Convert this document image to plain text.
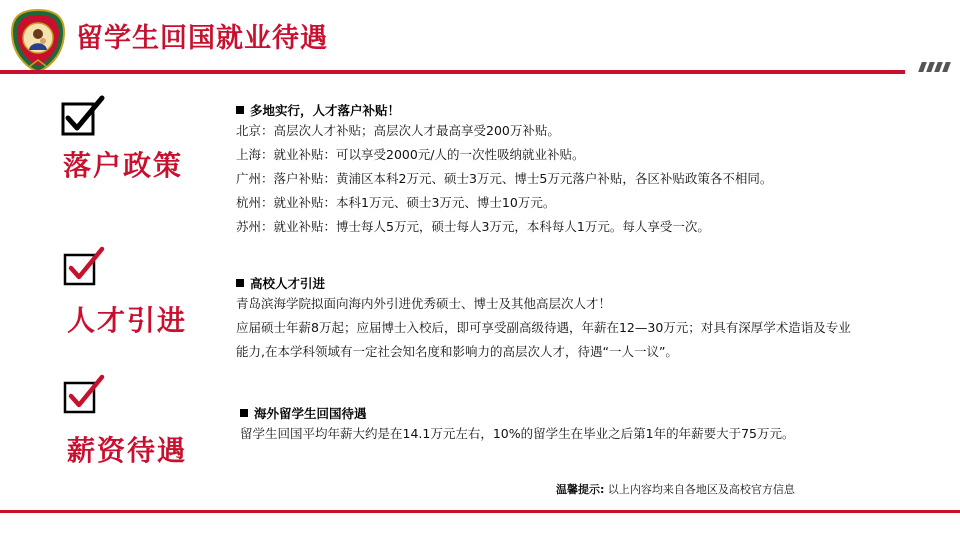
留学生回国就业待遇
落户政策
人才引进
薪资待遇
多地实行，人才落户补贴！
北京：高层次人才补贴；高层次人才最高享受200万补贴。
上海：就业补贴：可以享受2000元/人的一次性吸纳就业补贴。
广州：落户补贴：黄浦区本科2万元、硕士3万元、博士5万元落户补贴，各区补贴政策各不相同。
杭州：就业补贴：本科1万元、硕士3万元、博士10万元。
苏州：就业补贴：博士每人5万元，硕士每人3万元，本科每人1万元。每人享受一次。
高校人才引进
青岛滨海学院拟面向海内外引进优秀硕士、博士及其他高层次人才！
应届硕士年薪8万起；应届博士入校后，即可享受副高级待遇，年薪在12—30万元；对具有深厚学术造诣及专业
能力,在本学科领域有一定社会知名度和影响力的高层次人才，待遇“一人一议”。
海外留学生回国待遇
留学生回国平均年薪大约是在14.1万元左右，10%的留学生在毕业之后第1年的年薪要大于75万元。
温馨提示: 以上内容均来自各地区及高校官方信息
